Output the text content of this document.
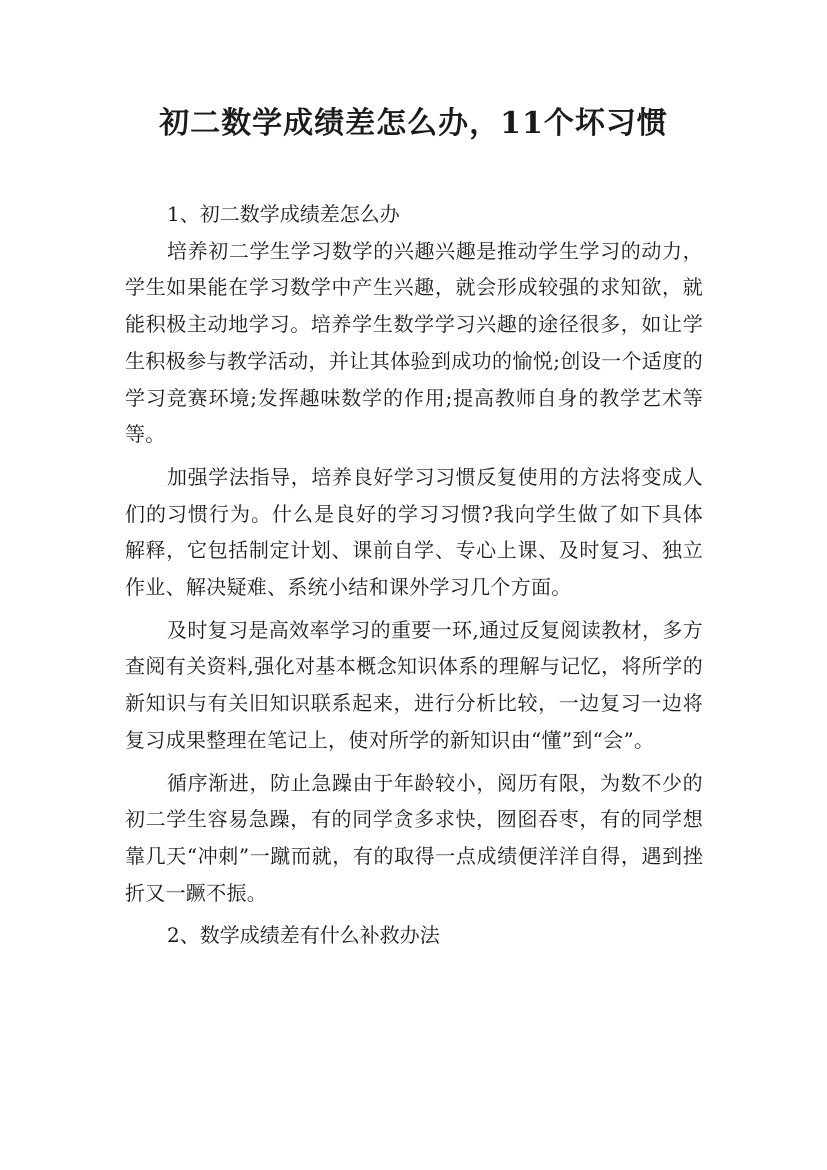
初二数学成绩差怎么办，11个坏习惯

1、初二数学成绩差怎么办

培养初二学生学习数学的兴趣兴趣是推动学生学习的动力，学生如果能在学习数学中产生兴趣，就会形成较强的求知欲，就能积极主动地学习。培养学生数学学习兴趣的途径很多，如让学生积极参与教学活动，并让其体验到成功的愉悦;创设一个适度的学习竞赛环境;发挥趣味数学的作用;提高教师自身的教学艺术等等。

加强学法指导，培养良好学习习惯反复使用的方法将变成人们的习惯行为。什么是良好的学习习惯?我向学生做了如下具体解释，它包括制定计划、课前自学、专心上课、及时复习、独立作业、解决疑难、系统小结和课外学习几个方面。

及时复习是高效率学习的重要一环,通过反复阅读教材，多方查阅有关资料,强化对基本概念知识体系的理解与记忆，将所学的新知识与有关旧知识联系起来，进行分析比较，一边复习一边将复习成果整理在笔记上，使对所学的新知识由“懂”到“会”。

循序渐进，防止急躁由于年龄较小，阅历有限，为数不少的初二学生容易急躁，有的同学贪多求快，囫囵吞枣，有的同学想靠几天“冲刺”一蹴而就，有的取得一点成绩便洋洋自得，遇到挫折又一蹶不振。

2、数学成绩差有什么补救办法
